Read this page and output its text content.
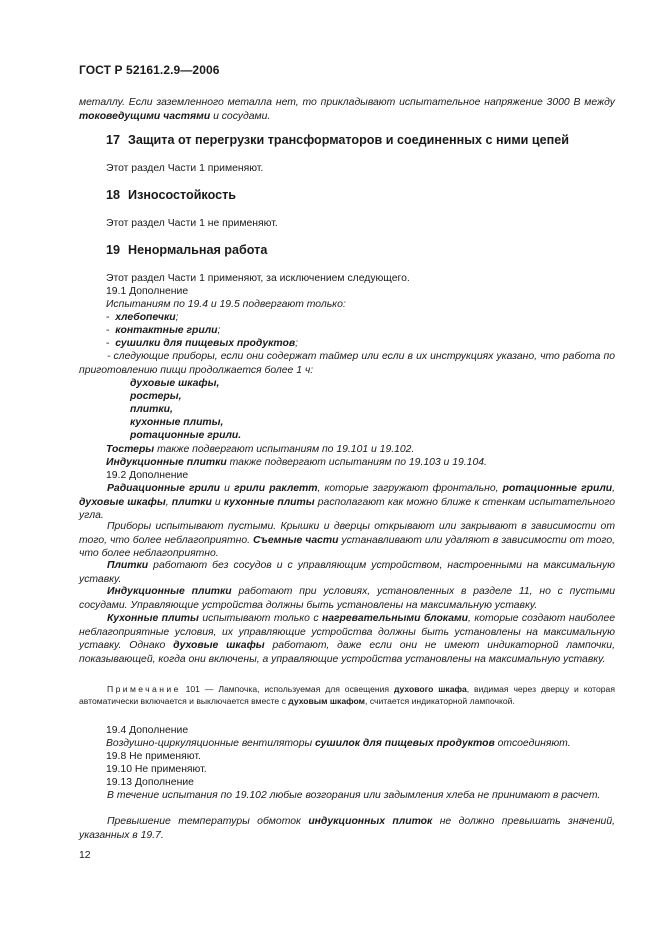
ГОСТ Р 52161.2.9—2006

металлу. Если заземленного металла нет, то прикладывают испытательное напряжение 3000 В между токоведущими частями и сосудами.

17 Защита от перегрузки трансформаторов и соединенных с ними цепей

Этот раздел Части 1 применяют.

18 Износостойкость

Этот раздел Части 1 не применяют.

19 Ненормальная работа

Этот раздел Части 1 применяют, за исключением следующего.

19.1 Дополнение

Испытаниям по 19.4 и 19.5 подвергают только:

- хлебопечки;

- контактные грили;

- сушилки для пищевых продуктов;

- следующие приборы, если они содержат таймер или если в их инструкциях указано, что работа по приготовлению пищи продолжается более 1 ч:

духовые шкафы,

ростеры,

плитки,

кухонные плиты,

ротационные грили.

Тостеры также подвергают испытаниям по 19.101 и 19.102.

Индукционные плитки также подвергают испытаниям по 19.103 и 19.104.

19.2 Дополнение

Радиационные грили и грили раклетт, которые загружают фронтально, ротационные грили, духовые шкафы, плитки и кухонные плиты располагают как можно ближе к стенкам испытательного угла.

Приборы испытывают пустыми. Крышки и дверцы открывают или закрывают в зависимости от того, что более неблагоприятно. Съемные части устанавливают или удаляют в зависимости от того, что более неблагоприятно.

Плитки работают без сосудов и с управляющим устройством, настроенными на максимальную уставку.

Индукционные плитки работают при условиях, установленных в разделе 11, но с пустыми сосудами. Управляющие устройства должны быть установлены на максимальную уставку.

Кухонные плиты испытывают только с нагревательными блоками, которые создают наиболее неблагоприятные условия, их управляющие устройства должны быть установлены на максимальную уставку. Однако духовые шкафы работают, даже если они не имеют индикаторной лампочки, показывающей, когда они включены, а управляющие устройства установлены на максимальную уставку.

Примечание 101 — Лампочка, используемая для освещения духового шкафа, видимая через дверцу и которая автоматически включается и выключается вместе с духовым шкафом, считается индикаторной лампочкой.

19.4 Дополнение

Воздушно-циркуляционные вентиляторы сушилок для пищевых продуктов отсоединяют.

19.8 Не применяют.

19.10 Не применяют.

19.13 Дополнение

В течение испытания по 19.102 любые возгорания или задымления хлеба не принимают в расчет.

Превышение температуры обмоток индукционных плиток не должно превышать значений, указанных в 19.7.

12
